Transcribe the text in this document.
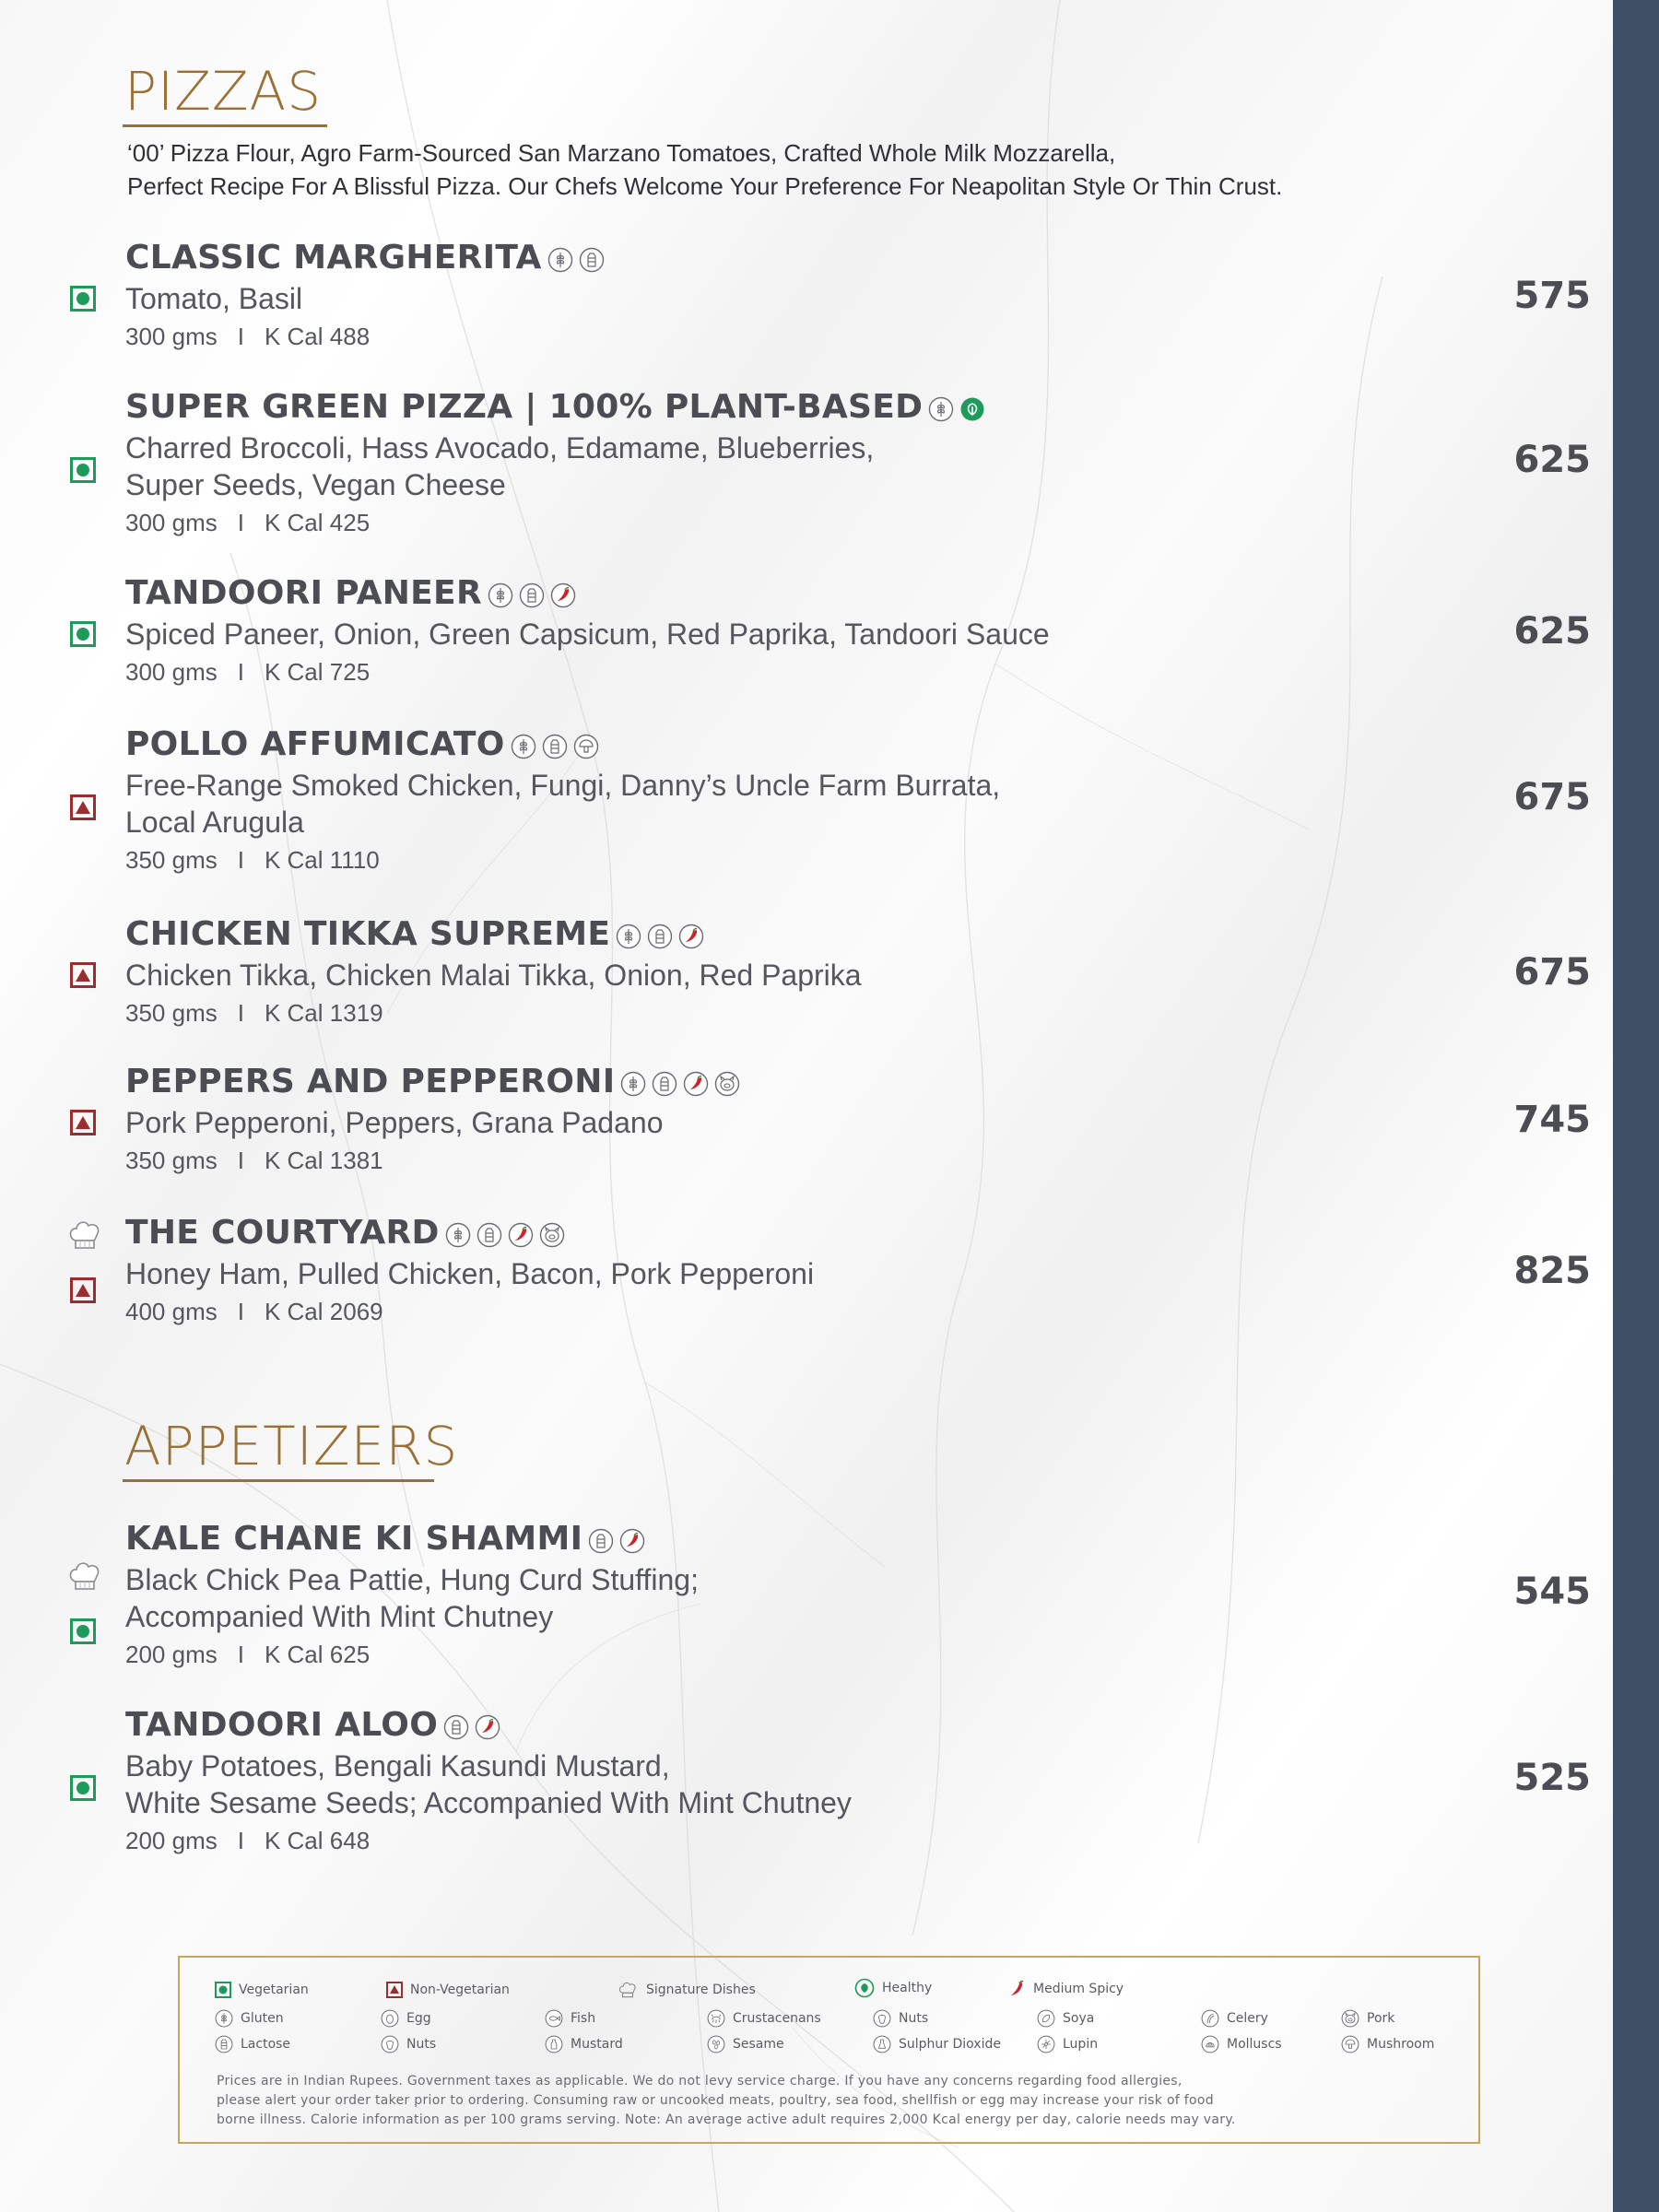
PIZZAS

‘00’ Pizza Flour, Agro Farm-Sourced San Marzano Tomatoes, Crafted Whole Milk Mozzarella,

Perfect Recipe For A Blissful Pizza. Our Chefs Welcome Your Preference For Neapolitan Style Or Thin Crust.

CLASSIC MARGHERITA
Tomato, Basil
300 gms I K Cal 488
575
SUPER GREEN PIZZA | 100% PLANT-BASED
Charred Broccoli, Hass Avocado, Edamame, Blueberries,
Super Seeds, Vegan Cheese
300 gms I K Cal 425
625
TANDOORI PANEER
Spiced Paneer, Onion, Green Capsicum, Red Paprika, Tandoori Sauce
300 gms I K Cal 725
625
POLLO AFFUMICATO
Free-Range Smoked Chicken, Fungi, Danny’s Uncle Farm Burrata,
Local Arugula
350 gms I K Cal 1110
675
CHICKEN TIKKA SUPREME
Chicken Tikka, Chicken Malai Tikka, Onion, Red Paprika
350 gms I K Cal 1319
675
PEPPERS AND PEPPERONI
Pork Pepperoni, Peppers, Grana Padano
350 gms I K Cal 1381
745
THE COURTYARD
Honey Ham, Pulled Chicken, Bacon, Pork Pepperoni
400 gms I K Cal 2069
825
APPETIZERS
KALE CHANE KI SHAMMI
Black Chick Pea Pattie, Hung Curd Stuffing;
Accompanied With Mint Chutney
200 gms I K Cal 625
545
TANDOORI ALOO
Baby Potatoes, Bengali Kasundi Mustard,
White Sesame Seeds; Accompanied With Mint Chutney
200 gms I K Cal 648
525
Vegetarian	Non-Vegetarian	Signature Dishes	Healthy	Medium Spicy
Gluten
Lactose
Egg
Nuts
Fish
Mustard
Crustacenans
Sesame
Nuts
Sulphur Dioxide
Soya
Lupin
Celery
Molluscs
Pork
Mushroom

Prices are in Indian Rupees. Government taxes as applicable. We do not levy service charge. If you have any concerns regarding food allergies,

please alert your order taker prior to ordering. Consuming raw or uncooked meats, poultry, sea food, shellfish or egg may increase your risk of food

borne illness. Calorie information as per 100 grams serving. Note: An average active adult requires 2,000 Kcal energy per day, calorie needs may vary.
